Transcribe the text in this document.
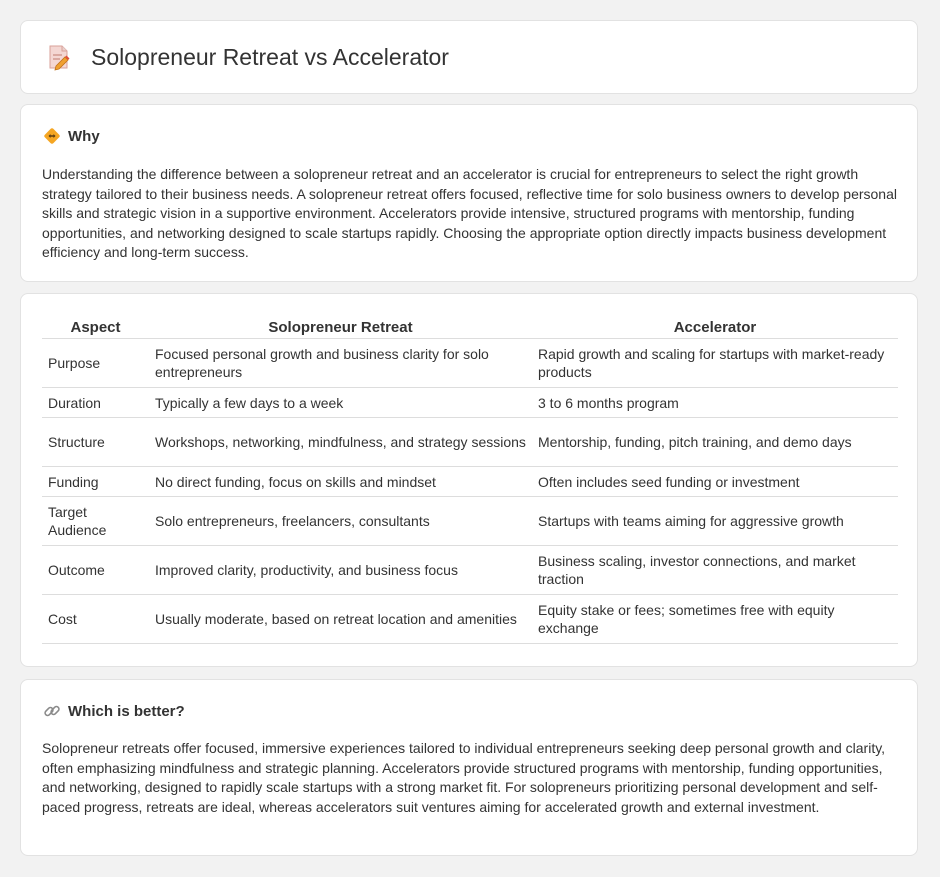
Solopreneur Retreat vs Accelerator
Why
Understanding the difference between a solopreneur retreat and an accelerator is crucial for entrepreneurs to select the right growth strategy tailored to their business needs. A solopreneur retreat offers focused, reflective time for solo business owners to develop personal skills and strategic vision in a supportive environment. Accelerators provide intensive, structured programs with mentorship, funding opportunities, and networking designed to scale startups rapidly. Choosing the appropriate option directly impacts business development efficiency and long-term success.
Aspect	Solopreneur Retreat	Accelerator
Purpose	Focused personal growth and business clarity for solo entrepreneurs	Rapid growth and scaling for startups with market-ready products
Duration	Typically a few days to a week	3 to 6 months program
Structure	Workshops, networking, mindfulness, and strategy sessions	Mentorship, funding, pitch training, and demo days
Funding	No direct funding, focus on skills and mindset	Often includes seed funding or investment
Target Audience	Solo entrepreneurs, freelancers, consultants	Startups with teams aiming for aggressive growth
Outcome	Improved clarity, productivity, and business focus	Business scaling, investor connections, and market traction
Cost	Usually moderate, based on retreat location and amenities	Equity stake or fees; sometimes free with equity exchange
Which is better?
Solopreneur retreats offer focused, immersive experiences tailored to individual entrepreneurs seeking deep personal growth and clarity, often emphasizing mindfulness and strategic planning. Accelerators provide structured programs with mentorship, funding opportunities, and networking, designed to rapidly scale startups with a strong market fit. For solopreneurs prioritizing personal development and self-paced progress, retreats are ideal, whereas accelerators suit ventures aiming for accelerated growth and external investment.
